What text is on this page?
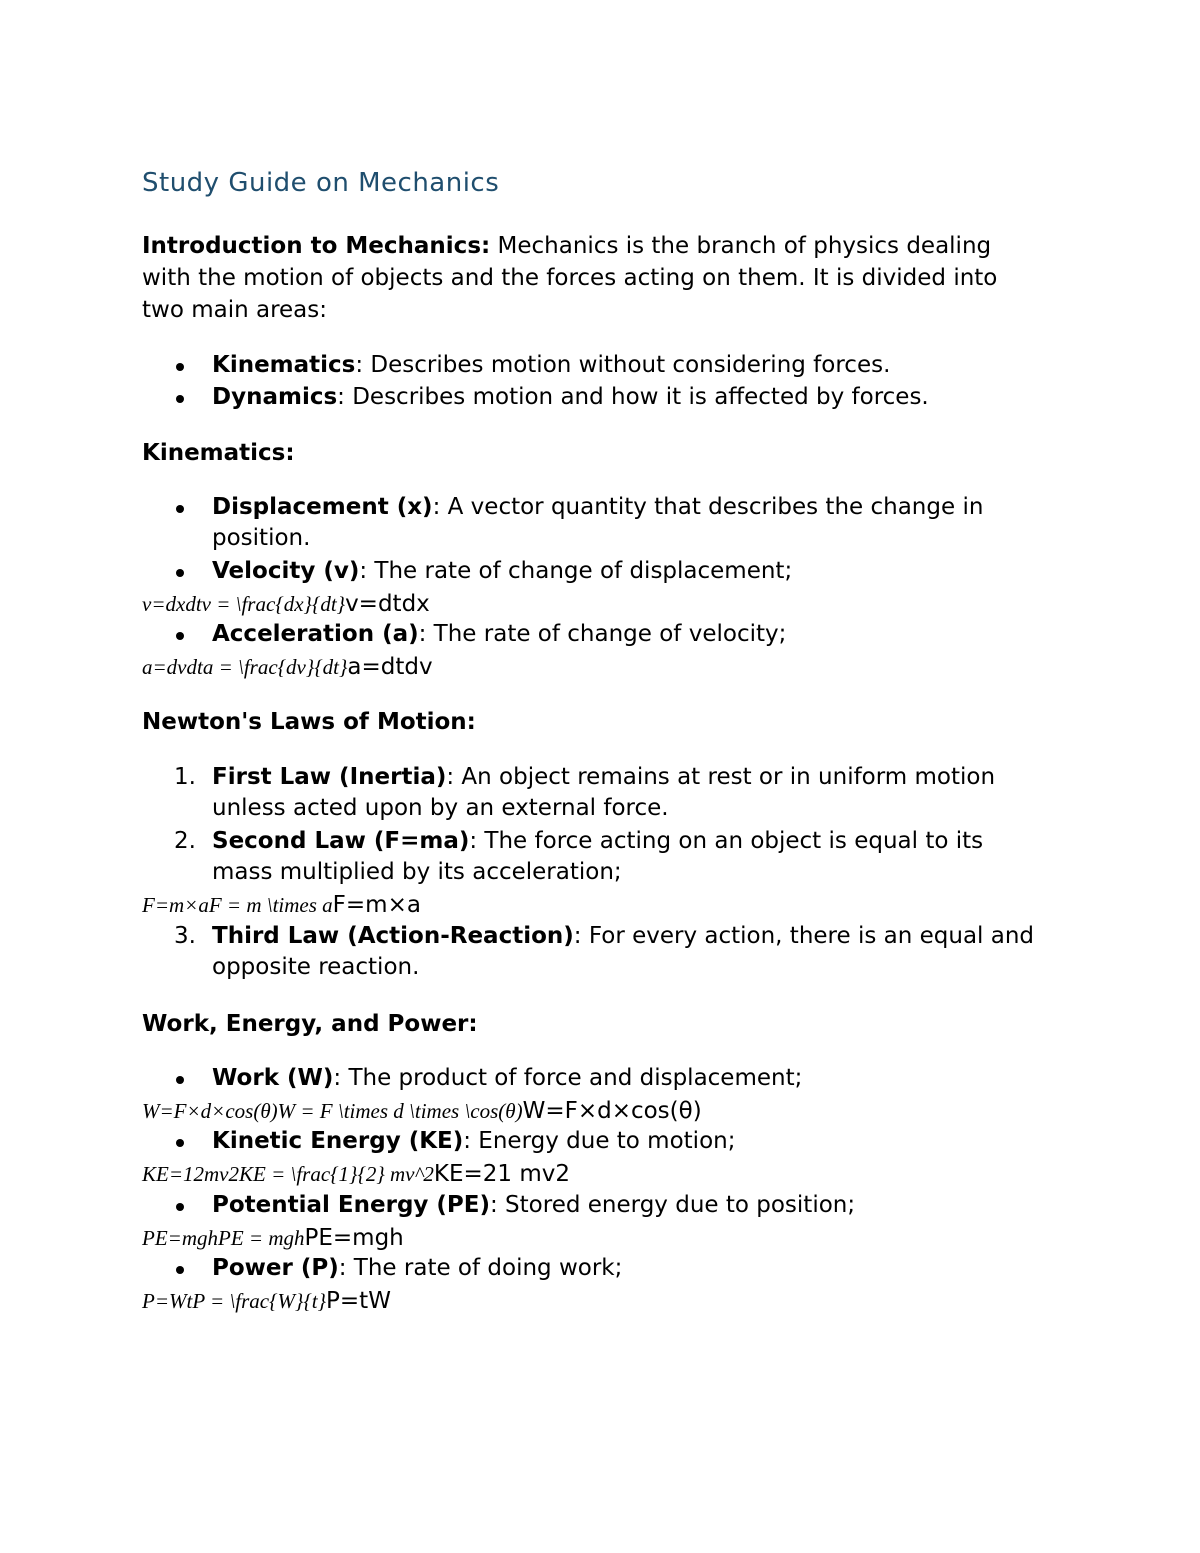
Study Guide on Mechanics

Introduction to Mechanics: Mechanics is the branch of physics dealing
with the motion of objects and the forces acting on them. It is divided into
two main areas:

Kinematics: Describes motion without considering forces.
Dynamics: Describes motion and how it is affected by forces.

Kinematics:

Displacement (x): A vector quantity that describes the change in
position.
Velocity (v): The rate of change of displacement;
v=dxdtv = \frac{dx}{dt}v=dtdx
Acceleration (a): The rate of change of velocity;
a=dvdta = \frac{dv}{dt}a=dtdv

Newton's Laws of Motion:

1. First Law (Inertia): An object remains at rest or in uniform motion
unless acted upon by an external force.
2. Second Law (F=ma): The force acting on an object is equal to its
mass multiplied by its acceleration;
F=m×aF = m \times aF=m×a
3. Third Law (Action-Reaction): For every action, there is an equal and
opposite reaction.

Work, Energy, and Power:

Work (W): The product of force and displacement;
W=F×d×cos(θ)W = F \times d \times \cos(θ)W=F×d×cos(θ)
Kinetic Energy (KE): Energy due to motion;
KE=12mv2KE = \frac{1}{2} mv^2KE=21 mv2
Potential Energy (PE): Stored energy due to position;
PE=mghPE = mghPE=mgh
Power (P): The rate of doing work;
P=WtP = \frac{W}{t}P=tW
